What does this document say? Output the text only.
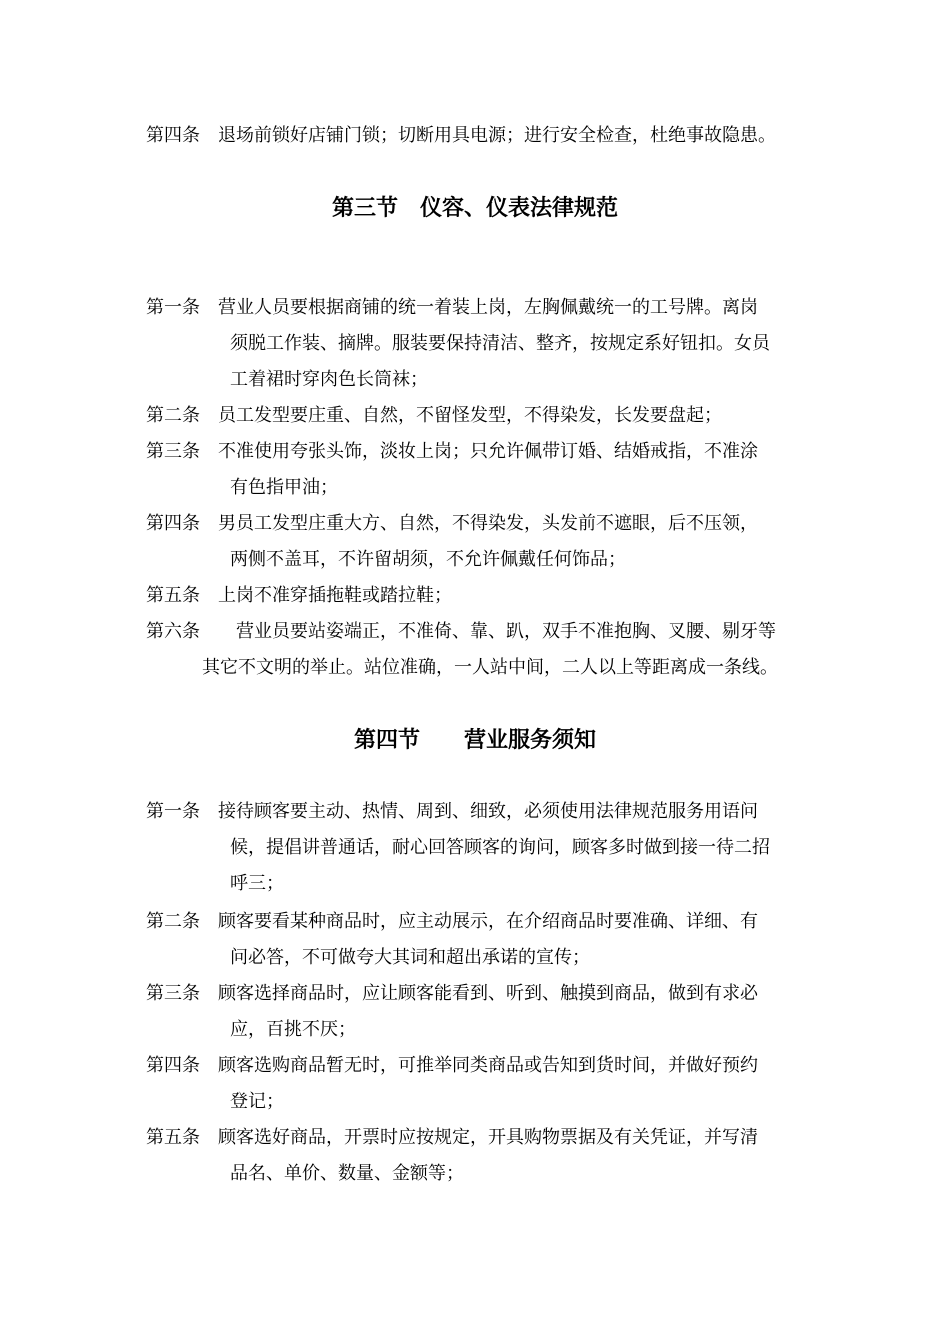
第四条　 退场前锁好店铺门锁；切断用具电源；进行安全检查，杜绝事故隐患。
第三节　仪容、仪表法律规范
第一条　 营业人员要根据商铺的统一着装上岗，左胸佩戴统一的工号牌。离岗
须脱工作装、摘牌。服装要保持清洁、整齐，按规定系好钮扣。女员
工着裙时穿肉色长筒袜；
第二条　 员工发型要庄重、自然，不留怪发型，不得染发，长发要盘起；
第三条　 不准使用夸张头饰，淡妆上岗；只允许佩带订婚、结婚戒指，不准涂
有色指甲油；
第四条　 男员工发型庄重大方、自然，不得染发，头发前不遮眼，后不压领，
两侧不盖耳，不许留胡须，不允许佩戴任何饰品；
第五条　 上岗不准穿插拖鞋或踏拉鞋；
第六条　　 营业员要站姿端正，不准倚、靠、趴，双手不准抱胸、叉腰、剔牙等
其它不文明的举止。站位准确，一人站中间，二人以上等距离成一条线。
第四节　　营业服务须知
第一条　 接待顾客要主动、热情、周到、细致，必须使用法律规范服务用语问
候，提倡讲普通话，耐心回答顾客的询问，顾客多时做到接一待二招
呼三；
第二条　 顾客要看某种商品时，应主动展示，在介绍商品时要准确、详细、有
问必答，不可做夸大其词和超出承诺的宣传；
第三条　 顾客选择商品时，应让顾客能看到、听到、触摸到商品，做到有求必
应，百挑不厌；
第四条　 顾客选购商品暂无时，可推举同类商品或告知到货时间，并做好预约
登记；
第五条　 顾客选好商品，开票时应按规定，开具购物票据及有关凭证，并写清
品名、单价、数量、金额等；
